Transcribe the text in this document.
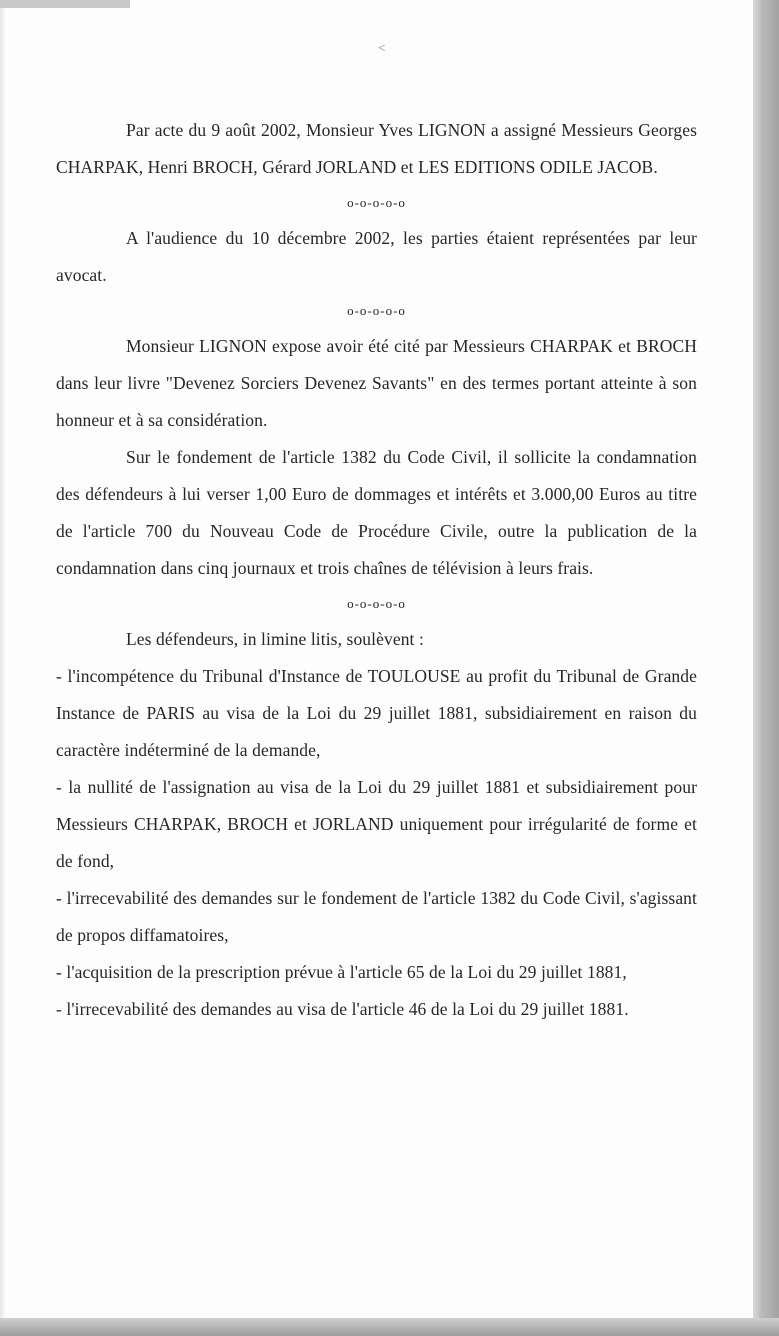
<

Par acte du 9 août 2002, Monsieur Yves LIGNON a assigné Messieurs Georges CHARPAK, Henri BROCH, Gérard JORLAND et LES EDITIONS ODILE JACOB.

o-o-o-o-o

A l'audience du 10 décembre 2002, les parties étaient représentées par leur avocat.

o-o-o-o-o

Monsieur LIGNON expose avoir été cité par Messieurs CHARPAK et BROCH dans leur livre "Devenez Sorciers Devenez Savants" en des termes portant atteinte à son honneur et à sa considération.

Sur le fondement de l'article 1382 du Code Civil, il sollicite la condamnation des défendeurs à lui verser 1,00 Euro de dommages et intérêts et 3.000,00 Euros au titre de l'article 700 du Nouveau Code de Procédure Civile, outre la publication de la condamnation dans cinq journaux et trois chaînes de télévision à leurs frais.

o-o-o-o-o

Les défendeurs, in limine litis, soulèvent :

- l'incompétence du Tribunal d'Instance de TOULOUSE au profit du Tribunal de Grande Instance de PARIS au visa de la Loi du 29 juillet 1881, subsidiairement en raison du caractère indéterminé de la demande,

- la nullité de l'assignation au visa de la Loi du 29 juillet 1881 et subsidiairement pour Messieurs CHARPAK, BROCH et JORLAND uniquement pour irrégularité de forme et de fond,

- l'irrecevabilité des demandes sur le fondement de l'article 1382 du Code Civil, s'agissant de propos diffamatoires,

- l'acquisition de la prescription prévue à l'article 65 de la Loi du 29 juillet 1881,

- l'irrecevabilité des demandes au visa de l'article 46 de la Loi du 29 juillet 1881.
